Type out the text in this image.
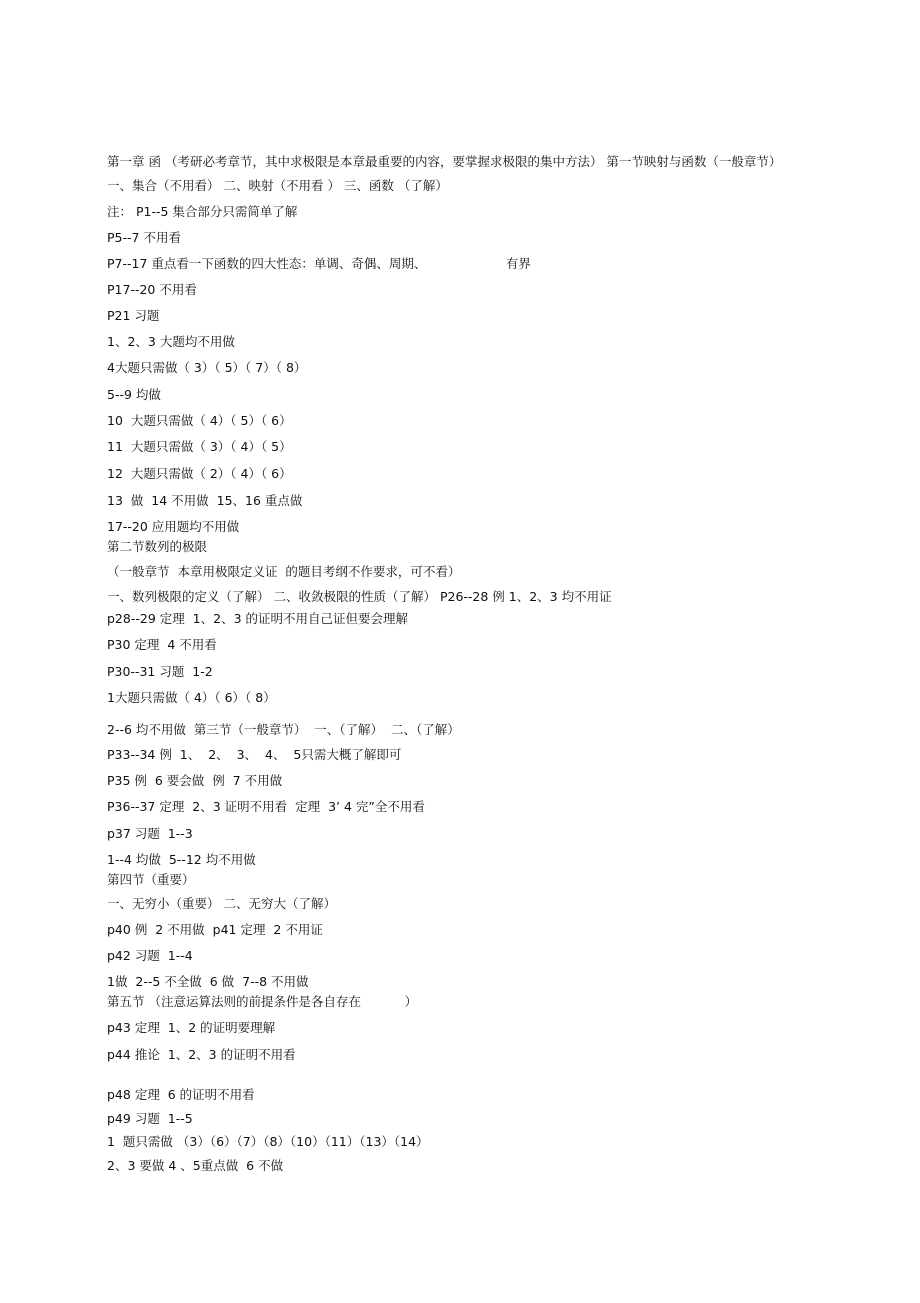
第一章 函 （考研必考章节，其中求极限是本章最重要的内容，要掌握求极限的集中方法） 第一节映射与函数（一般章节）
一、集合（不用看） 二、映射（不用看 ） 三、函数 （了解）
注： P1--5 集合部分只需简单了解
P5--7 不用看
P7--17 重点看一下函数的四大性态：单调、奇偶、周期、                    有界
P17--20 不用看
P21 习题
1、2、3 大题均不用做
4大题只需做（ 3）（ 5）（ 7）（ 8）
5--9 均做
10  大题只需做（ 4）（ 5）（ 6）
11  大题只需做（ 3）（ 4）（ 5）
12  大题只需做（ 2）（ 4）（ 6）
13  做  14 不用做  15、16 重点做
17--20 应用题均不用做
第二节数列的极限
（一般章节  本章用极限定义证  的题目考纲不作要求，可不看）
一、数列极限的定义（了解） 二、收敛极限的性质（了解） P26--28 例 1、2、3 均不用证
p28--29 定理  1、2、3 的证明不用自己证但要会理解
P30 定理  4 不用看
P30--31 习题  1-2
1大题只需做（ 4）（ 6）（ 8）
2--6 均不用做  第三节（一般章节）  一、（了解）  二、（了解）
P33--34 例  1、  2、  3、  4、  5只需大概了解即可
P35 例  6 要会做  例  7 不用做
P36--37 定理  2、3 证明不用看  定理  3’ 4 完”全不用看
p37 习题  1--3
1--4 均做  5--12 均不用做
第四节（重要）
一、无穷小（重要） 二、无穷大（了解）
p40 例  2 不用做  p41 定理  2 不用证
p42 习题  1--4
1做  2--5 不全做  6 做  7--8 不用做
第五节 （注意运算法则的前提条件是各自存在           ）
p43 定理  1、2 的证明要理解
p44 推论  1、2、3 的证明不用看
p48 定理  6 的证明不用看
p49 习题  1--5
1  题只需做 （3）（6）（7）（8）（10）（11）（13）（14）
2、3 要做 4 、5重点做  6 不做
